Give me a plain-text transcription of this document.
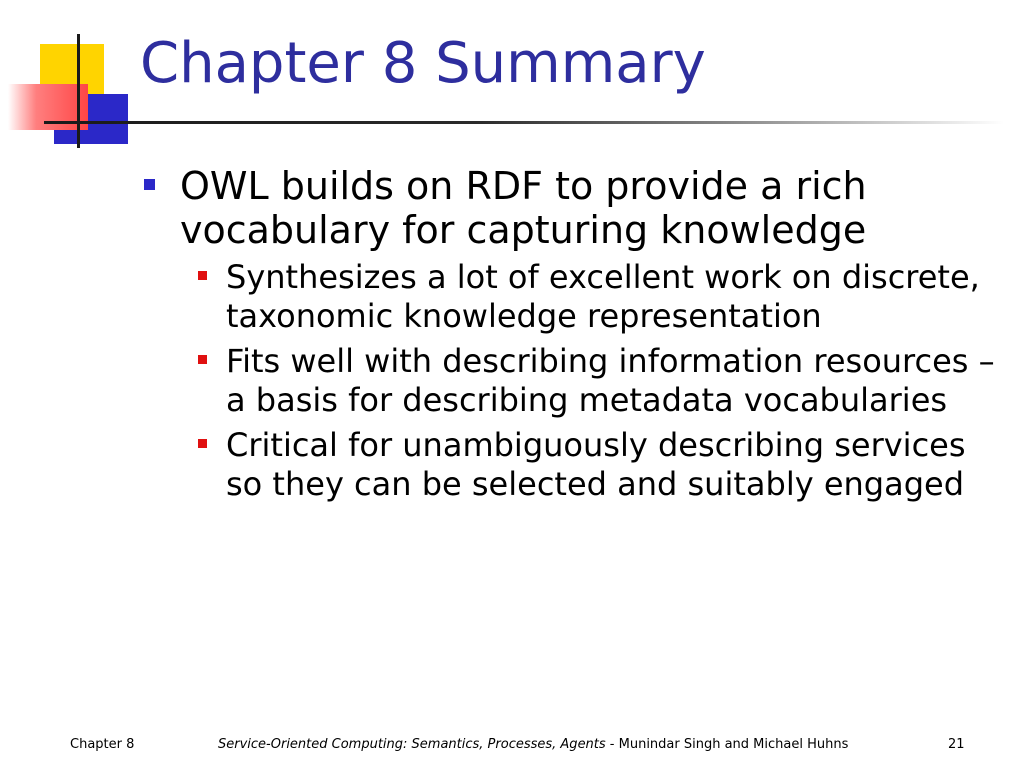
Chapter 8 Summary
OWL builds on RDF to provide a rich vocabulary for capturing knowledge
Synthesizes a lot of excellent work on discrete, taxonomic knowledge representation
Fits well with describing information resources – a basis for describing metadata vocabularies
Critical for unambiguously describing services so they can be selected and suitably engaged
Chapter 8	Service-Oriented Computing: Semantics, Processes, Agents - Munindar Singh and Michael Huhns	21
